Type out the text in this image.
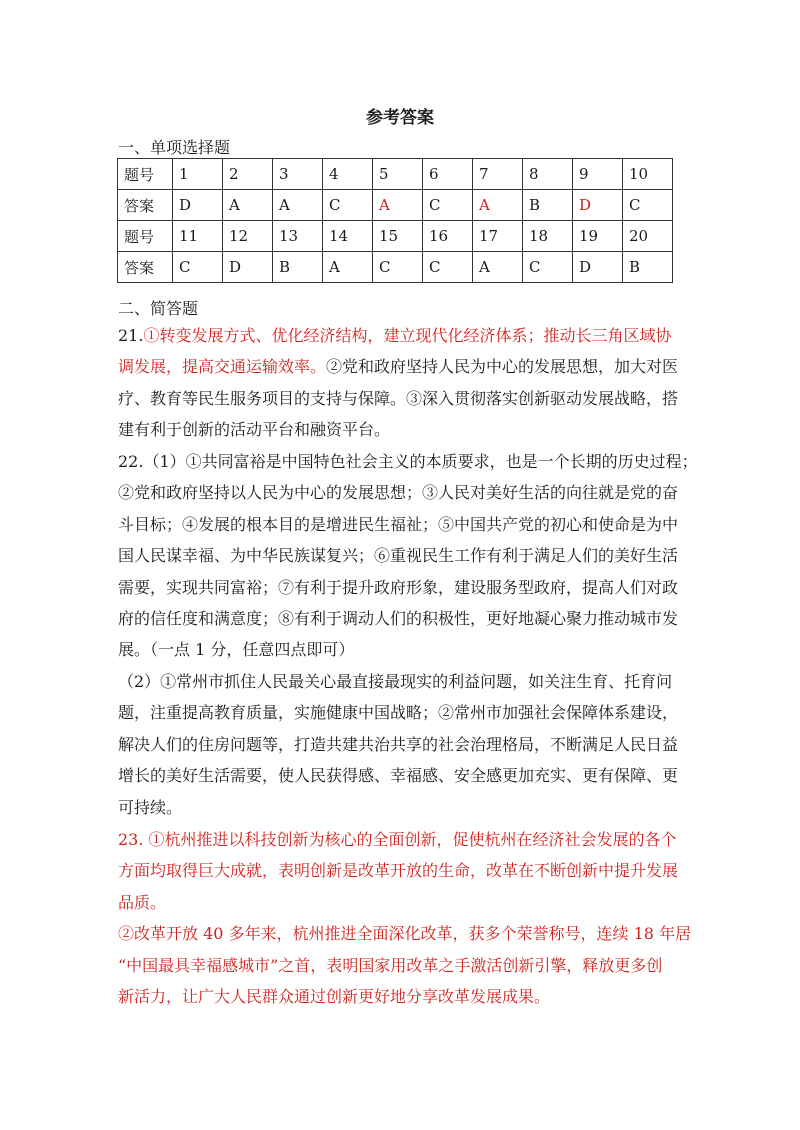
参考答案
一、单项选择题
题号	1	2	3	4	5	6	7	8	9	10
答案	D	A	A	C	A	C	A	B	D	C
题号	11	12	13	14	15	16	17	18	19	20
答案	C	D	B	A	C	C	A	C	D	B
二、简答题
21.①转变发展方式、优化经济结构，建立现代化经济体系；推动长三角区域协
调发展，提高交通运输效率。②党和政府坚持人民为中心的发展思想，加大对医
疗、教育等民生服务项目的支持与保障。③深入贯彻落实创新驱动发展战略，搭
建有利于创新的活动平台和融资平台。
22.（1）①共同富裕是中国特色社会主义的本质要求，也是一个长期的历史过程；
②党和政府坚持以人民为中心的发展思想；③人民对美好生活的向往就是党的奋
斗目标；④发展的根本目的是增进民生福祉；⑤中国共产党的初心和使命是为中
国人民谋幸福、为中华民族谋复兴；⑥重视民生工作有利于满足人们的美好生活
需要，实现共同富裕；⑦有利于提升政府形象，建设服务型政府，提高人们对政
府的信任度和满意度；⑧有利于调动人们的积极性，更好地凝心聚力推动城市发
展。（一点 1 分，任意四点即可）
（2）①常州市抓住人民最关心最直接最现实的利益问题，如关注生育、托育问
题，注重提高教育质量，实施健康中国战略；②常州市加强社会保障体系建设，
解决人们的住房问题等，打造共建共治共享的社会治理格局，不断满足人民日益
增长的美好生活需要，使人民获得感、幸福感、安全感更加充实、更有保障、更
可持续。
23. ①杭州推进以科技创新为核心的全面创新，促使杭州在经济社会发展的各个
方面均取得巨大成就，表明创新是改革开放的生命，改革在不断创新中提升发展
品质。
②改革开放 40 多年来，杭州推进全面深化改革，获多个荣誉称号，连续 18 年居
“中国最具幸福感城市”之首，表明国家用改革之手激活创新引擎，释放更多创
新活力，让广大人民群众通过创新更好地分享改革发展成果。
